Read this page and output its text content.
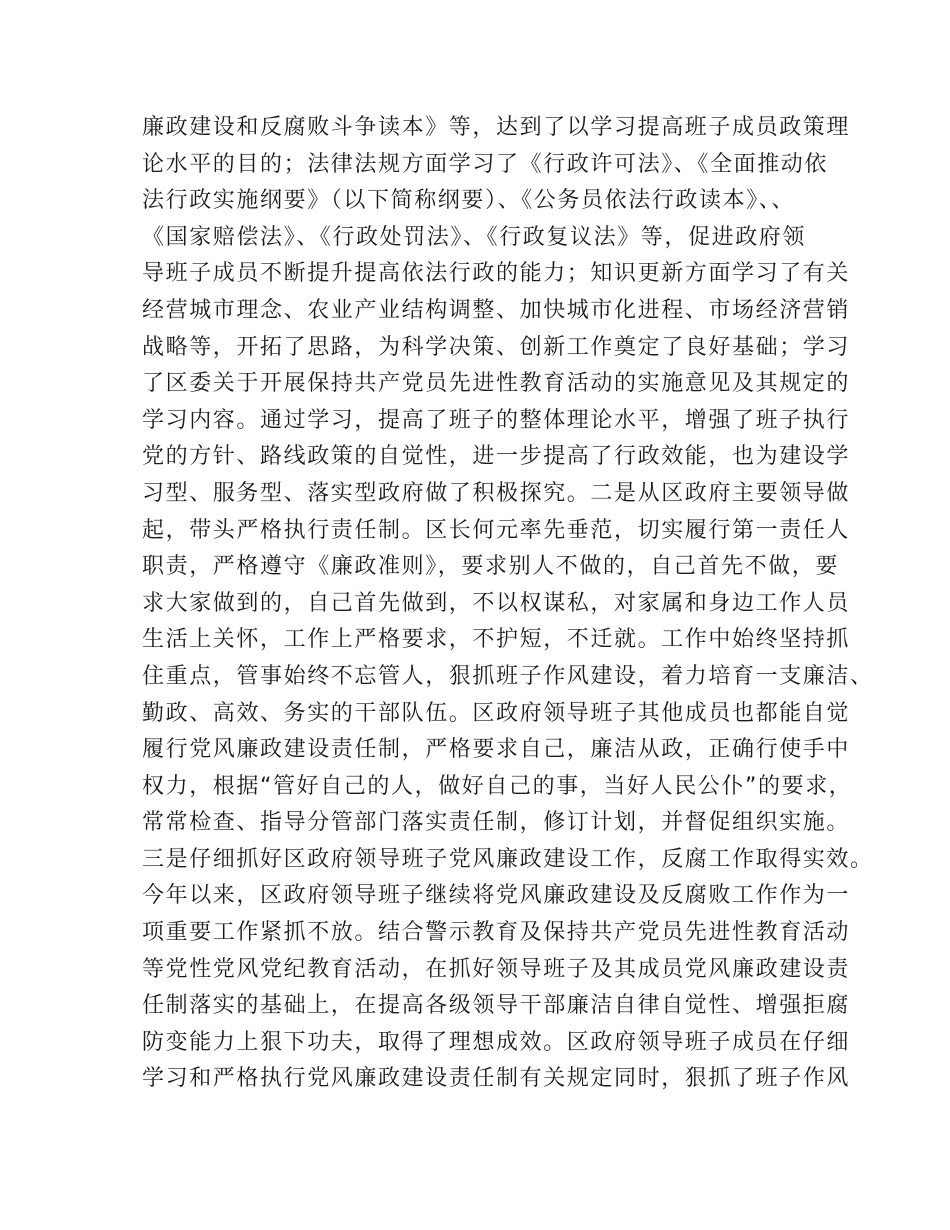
廉政建设和反腐败斗争读本》等，达到了以学习提高班子成员政策理
论水平的目的；法律法规方面学习了《行政许可法》、《全面推动依
法行政实施纲要》（以下简称纲要）、《公务员依法行政读本》、、
《国家赔偿法》、《行政处罚法》、《行政复议法》等，促进政府领
导班子成员不断提升提高依法行政的能力；知识更新方面学习了有关
经营城市理念、农业产业结构调整、加快城市化进程、市场经济营销
战略等，开拓了思路，为科学决策、创新工作奠定了良好基础；学习
了区委关于开展保持共产党员先进性教育活动的实施意见及其规定的
学习内容。通过学习，提高了班子的整体理论水平，增强了班子执行
党的方针、路线政策的自觉性，进一步提高了行政效能，也为建设学
习型、服务型、落实型政府做了积极探究。二是从区政府主要领导做
起，带头严格执行责任制。区长何元率先垂范，切实履行第一责任人
职责，严格遵守《廉政准则》，要求别人不做的，自己首先不做，要
求大家做到的，自己首先做到，不以权谋私，对家属和身边工作人员
生活上关怀，工作上严格要求，不护短，不迁就。工作中始终坚持抓
住重点，管事始终不忘管人，狠抓班子作风建设，着力培育一支廉洁、
勤政、高效、务实的干部队伍。区政府领导班子其他成员也都能自觉
履行党风廉政建设责任制，严格要求自己，廉洁从政，正确行使手中
权力，根据“管好自己的人，做好自己的事，当好人民公仆”的要求，
常常检查、指导分管部门落实责任制，修订计划，并督促组织实施。
三是仔细抓好区政府领导班子党风廉政建设工作，反腐工作取得实效。
今年以来，区政府领导班子继续将党风廉政建设及反腐败工作作为一
项重要工作紧抓不放。结合警示教育及保持共产党员先进性教育活动
等党性党风党纪教育活动，在抓好领导班子及其成员党风廉政建设责
任制落实的基础上，在提高各级领导干部廉洁自律自觉性、增强拒腐
防变能力上狠下功夫，取得了理想成效。区政府领导班子成员在仔细
学习和严格执行党风廉政建设责任制有关规定同时，狠抓了班子作风
